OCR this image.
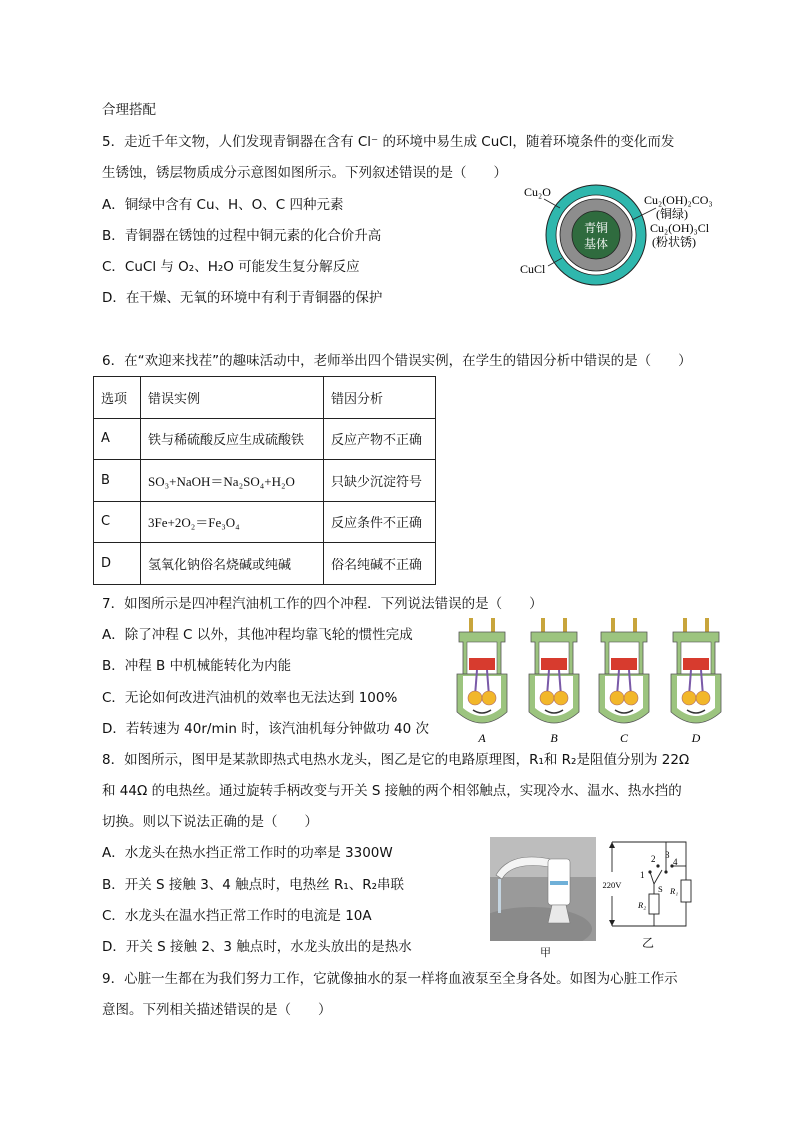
合理搭配
5．走近千年文物，人们发现青铜器在含有 Cl⁻ 的环境中易生成 CuCl，随着环境条件的变化而发
生锈蚀，锈层物质成分示意图如图所示。下列叙述错误的是（　　）
A．铜绿中含有 Cu、H、O、C 四种元素
B．青铜器在锈蚀的过程中铜元素的化合价升高
C．CuCl 与 O₂、H₂O 可能发生复分解反应
D．在干燥、无氧的环境中有利于青铜器的保护
青铜
基体
Cu₂O
CuCl
Cu₂(OH)₂CO₃
(铜绿)
Cu₂(OH)₃Cl
(粉状锈)
6．在“欢迎来找茬”的趣味活动中，老师举出四个错误实例，在学生的错因分析中错误的是（　　）
选项	错误实例	错因分析
A	铁与稀硫酸反应生成硫酸铁	反应产物不正确
B	SO₃+NaOH＝Na₂SO₄+H₂O	只缺少沉淀符号
C	3Fe+2O₂＝Fe₃O₄	反应条件不正确
D	氢氧化钠俗名烧碱或纯碱	俗名纯碱不正确
7．如图所示是四冲程汽油机工作的四个冲程．下列说法错误的是（　　）
A．除了冲程 C 以外，其他冲程均靠飞轮的惯性完成
B．冲程 B 中机械能转化为内能
C．无论如何改进汽油机的效率也无法达到 100%
D．若转速为 40r/min 时，该汽油机每分钟做功 40 次
A	B	C	D
8．如图所示，图甲是某款即热式电热水龙头，图乙是它的电路原理图，R₁和 R₂是阻值分别为 22Ω
和 44Ω 的电热丝。通过旋转手柄改变与开关 S 接触的两个相邻触点，实现冷水、温水、热水挡的
切换。则以下说法正确的是（　　）
A．水龙头在热水挡正常工作时的功率是 3300W
B．开关 S 接触 3、4 触点时，电热丝 R₁、R₂串联
C．水龙头在温水挡正常工作时的电流是 10A
D．开关 S 接触 2、3 触点时，水龙头放出的是热水	甲
220V
3
2 4
1
S
R₂
R₁
乙
9．心脏一生都在为我们努力工作，它就像抽水的泵一样将血液泵至全身各处。如图为心脏工作示
意图。下列相关描述错误的是（　　）
